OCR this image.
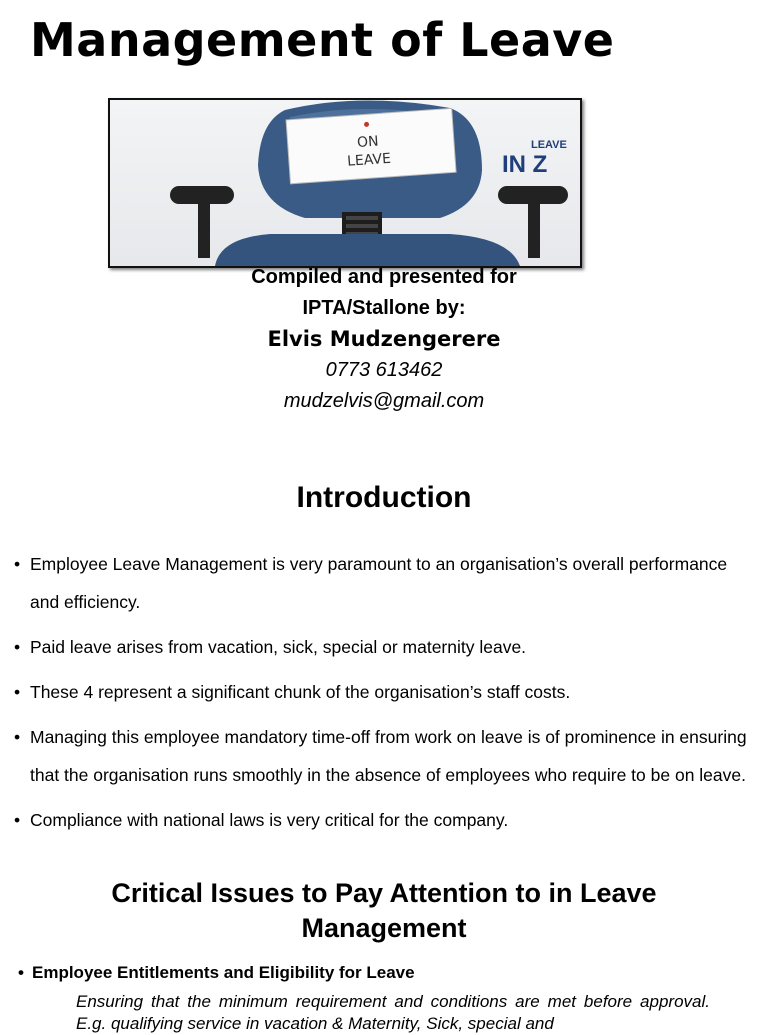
Management of Leave
ON
LEAVE
LEAVE
IN Z
Compiled and presented for
IPTA/Stallone by:
Elvis Mudzengerere
0773 613462
mudzelvis@gmail.com
Introduction
• Employee Leave Management is very paramount to an organisation’s overall performance and efficiency.
• Paid leave arises from vacation, sick, special or maternity leave.
• These 4 represent a significant chunk of the organisation’s staff costs.
• Managing this employee mandatory time-off from work on leave is of prominence in ensuring that the organisation runs smoothly in the absence of employees who require to be on leave.
• Compliance with national laws is very critical for the company.
Critical Issues to Pay Attention to in Leave
Management
• Employee Entitlements and Eligibility for Leave
Ensuring that the minimum requirement and conditions are met before approval. E.g. qualifying service in vacation & Maternity, Sick, special and
